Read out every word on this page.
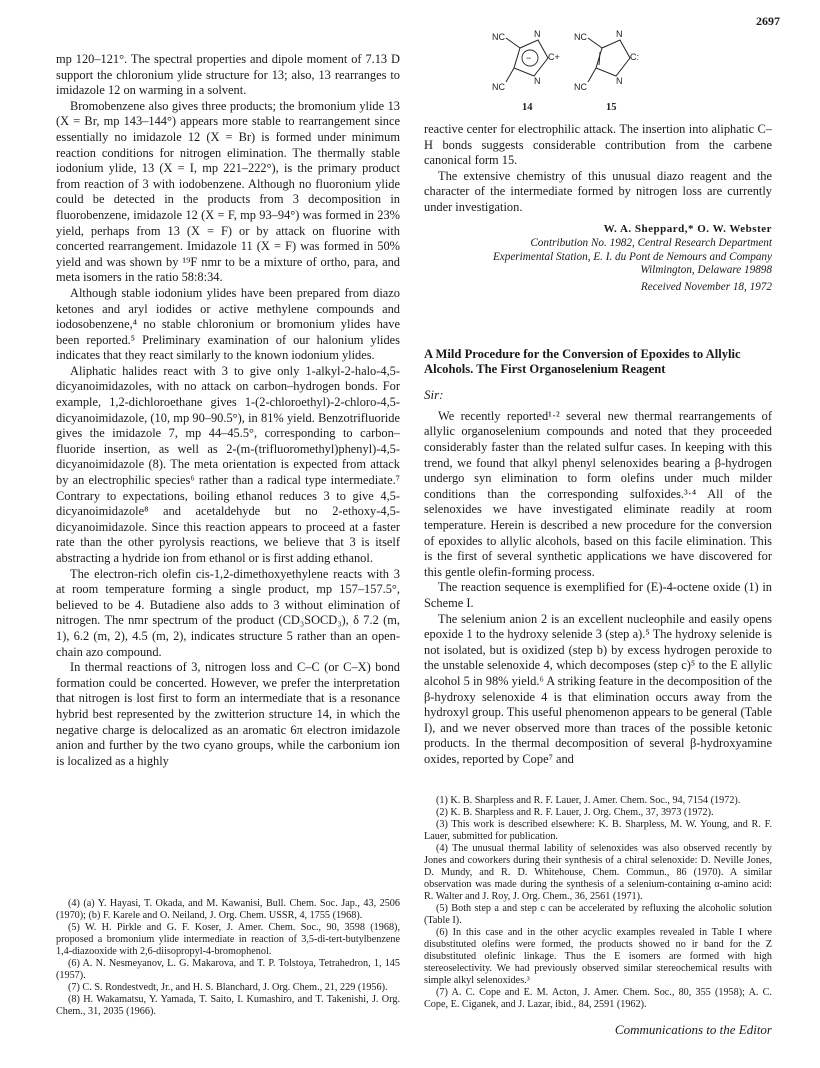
2697
−
NC	N
C+
N
NC
14
NC	N
C:
N
NC
15

mp 120–121°. The spectral properties and dipole moment of 7.13 D support the chloronium ylide structure for 13; also, 13 rearranges to imidazole 12 on warming in a solvent.

Bromobenzene also gives three products; the bromonium ylide 13 (X = Br, mp 143–144°) appears more stable to rearrangement since essentially no imidazole 12 (X = Br) is formed under minimum reaction conditions for nitrogen elimination. The thermally stable iodonium ylide, 13 (X = I, mp 221–222°), is the primary product from reaction of 3 with iodobenzene. Although no fluoronium ylide could be detected in the products from 3 decomposition in fluorobenzene, imidazole 12 (X = F, mp 93–94°) was formed in 23% yield, perhaps from 13 (X = F) or by attack on fluorine with concerted rearrangement. Imidazole 11 (X = F) was formed in 50% yield and was shown by ¹⁹F nmr to be a mixture of ortho, para, and meta isomers in the ratio 58:8:34.

Although stable iodonium ylides have been prepared from diazo ketones and aryl iodides or active methylene compounds and iodosobenzene,⁴ no stable chloronium or bromonium ylides have been reported.⁵ Preliminary examination of our halonium ylides indicates that they react similarly to the known iodonium ylides.

Aliphatic halides react with 3 to give only 1-alkyl-2-halo-4,5-dicyanoimidazoles, with no attack on carbon–hydrogen bonds. For example, 1,2-dichloroethane gives 1-(2-chloroethyl)-2-chloro-4,5-dicyanoimidazole, (10, mp 90–90.5°), in 81% yield. Benzotrifluoride gives the imidazole 7, mp 44–45.5°, corresponding to carbon–fluoride insertion, as well as 2-(m-(trifluoromethyl)phenyl)-4,5-dicyanoimidazole (8). The meta orientation is expected from attack by an electrophilic species⁶ rather than a radical type intermediate.⁷ Contrary to expectations, boiling ethanol reduces 3 to give 4,5-dicyanoimidazole⁸ and acetaldehyde but no 2-ethoxy-4,5-dicyanoimidazole. Since this reaction appears to proceed at a faster rate than the other pyrolysis reactions, we believe that 3 is itself abstracting a hydride ion from ethanol or is first adding ethanol.

The electron-rich olefin cis-1,2-dimethoxyethylene reacts with 3 at room temperature forming a single product, mp 157–157.5°, believed to be 4. Butadiene also adds to 3 without elimination of nitrogen. The nmr spectrum of the product (CD₃SOCD₃), δ 7.2 (m, 1), 6.2 (m, 2), 4.5 (m, 2), indicates structure 5 rather than an open-chain azo compound.

In thermal reactions of 3, nitrogen loss and C–C (or C–X) bond formation could be concerted. However, we prefer the interpretation that nitrogen is lost first to form an intermediate that is a resonance hybrid best represented by the zwitterion structure 14, in which the negative charge is delocalized as an aromatic 6π electron imidazole anion and further by the two cyano groups, while the carbonium ion is localized as a highly

(4) (a) Y. Hayasi, T. Okada, and M. Kawanisi, Bull. Chem. Soc. Jap., 43, 2506 (1970); (b) F. Karele and O. Neiland, J. Org. Chem. USSR, 4, 1755 (1968).

(5) W. H. Pirkle and G. F. Koser, J. Amer. Chem. Soc., 90, 3598 (1968), proposed a bromonium ylide intermediate in reaction of 3,5-di-tert-butylbenzene 1,4-diazooxide with 2,6-diisopropyl-4-bromophenol.

(6) A. N. Nesmeyanov, L. G. Makarova, and T. P. Tolstoya, Tetrahedron, 1, 145 (1957).

(7) C. S. Rondestvedt, Jr., and H. S. Blanchard, J. Org. Chem., 21, 229 (1956).

(8) H. Wakamatsu, Y. Yamada, T. Saito, I. Kumashiro, and T. Takenishi, J. Org. Chem., 31, 2035 (1966).

reactive center for electrophilic attack. The insertion into aliphatic C–H bonds suggests considerable contribution from the carbene canonical form 15.

The extensive chemistry of this unusual diazo reagent and the character of the intermediate formed by nitrogen loss are currently under investigation.

W. A. Sheppard,* O. W. Webster
Contribution No. 1982, Central Research Department
Experimental Station, E. I. du Pont de Nemours and Company
Wilmington, Delaware 19898
Received November 18, 1972
A Mild Procedure for the Conversion of Epoxides to Allylic Alcohols. The First Organoselenium Reagent
Sir:

We recently reported¹·² several new thermal rearrangements of allylic organoselenium compounds and noted that they proceeded considerably faster than the related sulfur cases. In keeping with this trend, we found that alkyl phenyl selenoxides bearing a β-hydrogen undergo syn elimination to form olefins under much milder conditions than the corresponding sulfoxides.³·⁴ All of the selenoxides we have investigated eliminate readily at room temperature. Herein is described a new procedure for the conversion of epoxides to allylic alcohols, based on this facile elimination. This is the first of several synthetic applications we have discovered for this gentle olefin-forming process.

The reaction sequence is exemplified for (E)-4-octene oxide (1) in Scheme I.

The selenium anion 2 is an excellent nucleophile and easily opens epoxide 1 to the hydroxy selenide 3 (step a).⁵ The hydroxy selenide is not isolated, but is oxidized (step b) by excess hydrogen peroxide to the unstable selenoxide 4, which decomposes (step c)⁵ to the E allylic alcohol 5 in 98% yield.⁶ A striking feature in the decomposition of the β-hydroxy selenoxide 4 is that elimination occurs away from the hydroxyl group. This useful phenomenon appears to be general (Table I), and we never observed more than traces of the possible ketonic products. In the thermal decomposition of several β-hydroxyamine oxides, reported by Cope⁷ and

(1) K. B. Sharpless and R. F. Lauer, J. Amer. Chem. Soc., 94, 7154 (1972).

(2) K. B. Sharpless and R. F. Lauer, J. Org. Chem., 37, 3973 (1972).

(3) This work is described elsewhere: K. B. Sharpless, M. W. Young, and R. F. Lauer, submitted for publication.

(4) The unusual thermal lability of selenoxides was also observed recently by Jones and coworkers during their synthesis of a chiral selenoxide: D. Neville Jones, D. Mundy, and R. D. Whitehouse, Chem. Commun., 86 (1970). A similar observation was made during the synthesis of a selenium-containing α-amino acid: R. Walter and J. Roy, J. Org. Chem., 36, 2561 (1971).

(5) Both step a and step c can be accelerated by refluxing the alcoholic solution (Table I).

(6) In this case and in the other acyclic examples revealed in Table I where disubstituted olefins were formed, the products showed no ir band for the Z disubstituted olefinic linkage. Thus the E isomers are formed with high stereoselectivity. We had previously observed similar stereochemical results with simple alkyl selenoxides.³

(7) A. C. Cope and E. M. Acton, J. Amer. Chem. Soc., 80, 355 (1958); A. C. Cope, E. Ciganek, and J. Lazar, ibid., 84, 2591 (1962).

Communications to the Editor
